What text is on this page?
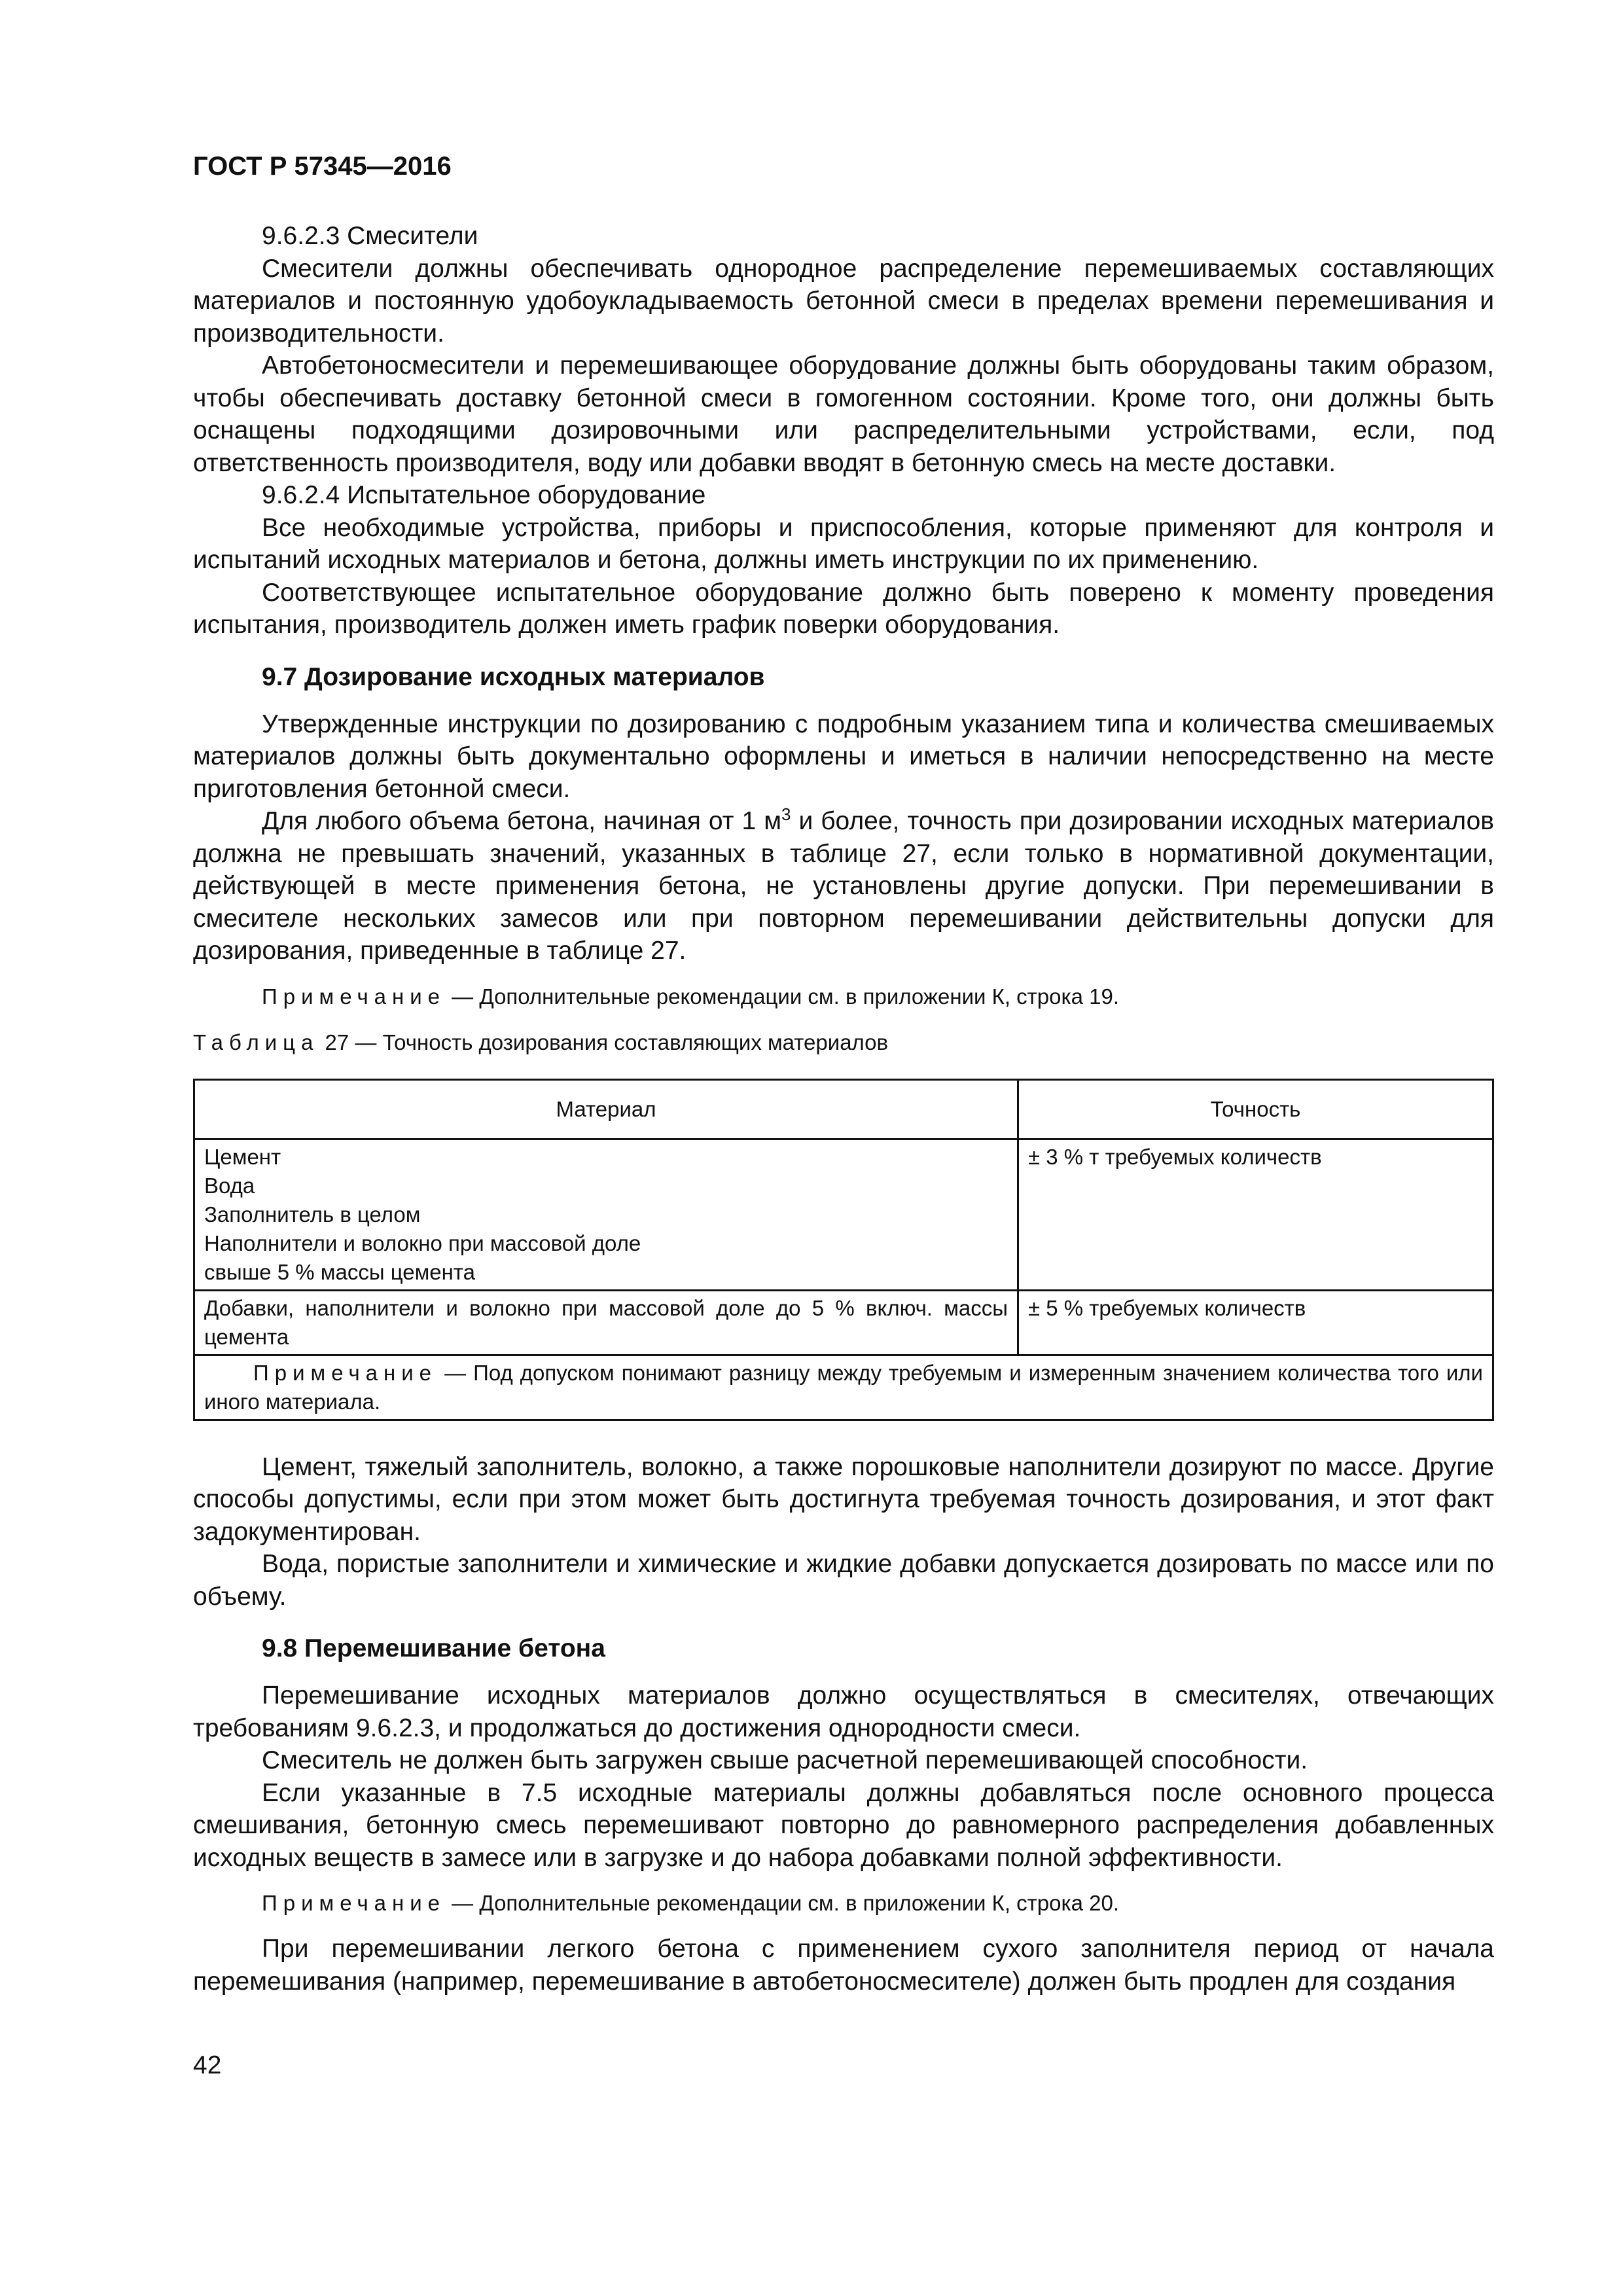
ГОСТ Р 57345—2016

9.6.2.3 Смесители

Смесители должны обеспечивать однородное распределение перемешиваемых составляющих материалов и постоянную удобоукладываемость бетонной смеси в пределах времени перемешивания и производительности.

Автобетоносмесители и перемешивающее оборудование должны быть оборудованы таким образом, чтобы обеспечивать доставку бетонной смеси в гомогенном состоянии. Кроме того, они должны быть оснащены подходящими дозировочными или распределительными устройствами, если, под ответственность производителя, воду или добавки вводят в бетонную смесь на месте доставки.

9.6.2.4 Испытательное оборудование

Все необходимые устройства, приборы и приспособления, которые применяют для контроля и испытаний исходных материалов и бетона, должны иметь инструкции по их применению.

Соответствующее испытательное оборудование должно быть поверено к моменту проведения испытания, производитель должен иметь график поверки оборудования.

9.7 Дозирование исходных материалов

Утвержденные инструкции по дозированию с подробным указанием типа и количества смешиваемых материалов должны быть документально оформлены и иметься в наличии непосредственно на месте приготовления бетонной смеси.

Для любого объема бетона, начиная от 1 $м^3$ и более, точность при дозировании исходных материалов должна не превышать значений, указанных в таблице 27, если только в нормативной документации, действующей в месте применения бетона, не установлены другие допуски. При перемешивании в смесителе нескольких замесов или при повторном перемешивании действительны допуски для дозирования, приведенные в таблице 27.

Примечание — Дополнительные рекомендации см. в приложении К, строка 19.
Таблица 27 — Точность дозирования составляющих материалов
Материал	Точность

Цемент
Вода
Заполнитель в целом
Наполнители и волокно при массовой доле
свыше 5 % массы цемента	± 3 % т требуемых количеств
Добавки, наполнители и волокно при массовой доле до 5 % включ. массы цемента	± 5 % требуемых количеств
Примечание — Под допуском понимают разницу между требуемым и измеренным значением количества того или иного материала.	

Цемент, тяжелый заполнитель, волокно, а также порошковые наполнители дозируют по массе. Другие способы допустимы, если при этом может быть достигнута требуемая точность дозирования, и этот факт задокументирован.

Вода, пористые заполнители и химические и жидкие добавки допускается дозировать по массе или по объему.

9.8 Перемешивание бетона

Перемешивание исходных материалов должно осуществляться в смесителях, отвечающих требованиям 9.6.2.3, и продолжаться до достижения однородности смеси.

Смеситель не должен быть загружен свыше расчетной перемешивающей способности.

Если указанные в 7.5 исходные материалы должны добавляться после основного процесса смешивания, бетонную смесь перемешивают повторно до равномерного распределения добавленных исходных веществ в замесе или в загрузке и до набора добавками полной эффективности.

Примечание — Дополнительные рекомендации см. в приложении К, строка 20.

При перемешивании легкого бетона с применением сухого заполнителя период от начала перемешивания (например, перемешивание в автобетоносмесителе) должен быть продлен для создания

42
